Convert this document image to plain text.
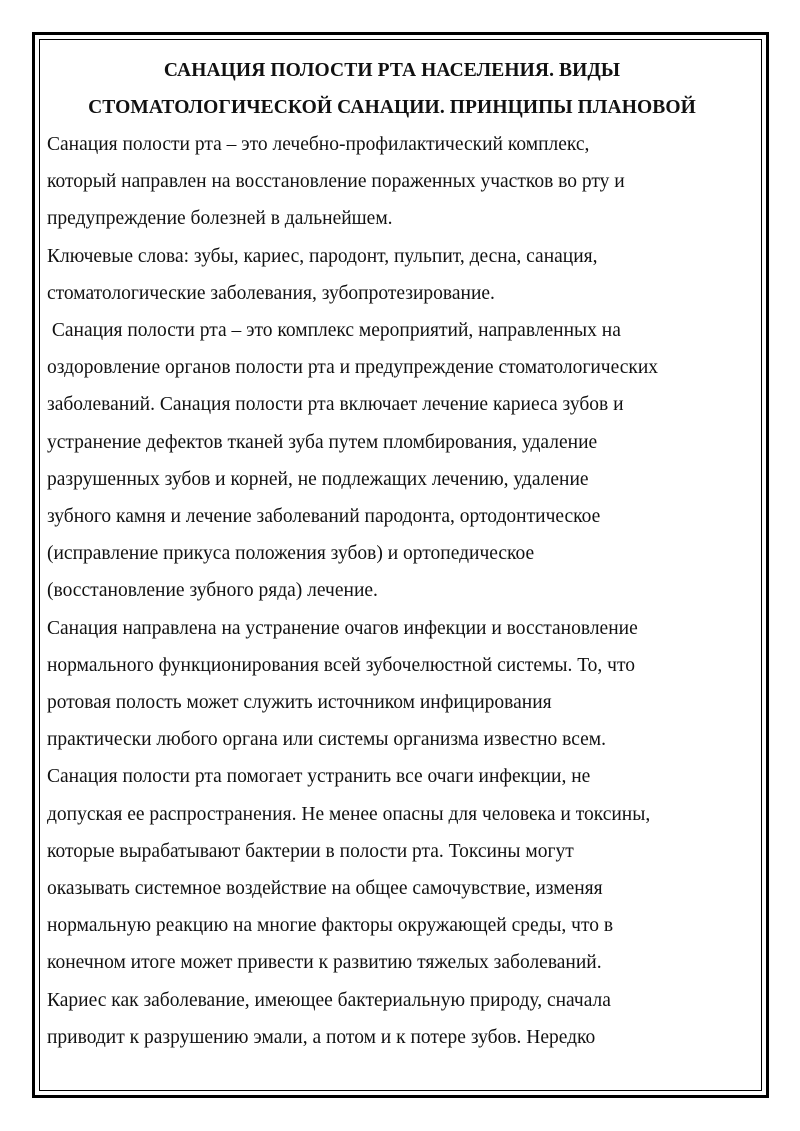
САНАЦИЯ ПОЛОСТИ РТА НАСЕЛЕНИЯ. ВИДЫ
СТОМАТОЛОГИЧЕСКОЙ САНАЦИИ. ПРИНЦИПЫ ПЛАНОВОЙ

Санация полости рта – это лечебно-профилактический комплекс,
который направлен на восстановление пораженных участков во рту и
предупреждение болезней в дальнейшем.
Ключевые слова: зубы, кариес, пародонт, пульпит, десна, санация,
стоматологические заболевания, зубопротезирование.
Санация полости рта – это комплекс мероприятий, направленных на
оздоровление органов полости рта и предупреждение стоматологических
заболеваний. Санация полости рта включает лечение кариеса зубов и
устранение дефектов тканей зуба путем пломбирования, удаление
разрушенных зубов и корней, не подлежащих лечению, удаление
зубного камня и лечение заболеваний пародонта, ортодонтическое
(исправление прикуса положения зубов) и ортопедическое
(восстановление зубного ряда) лечение.
Санация направлена на устранение очагов инфекции и восстановление
нормального функционирования всей зубочелюстной системы. То, что
ротовая полость может служить источником инфицирования
практически любого органа или системы организма известно всем.
Санация полости рта помогает устранить все очаги инфекции, не
допуская ее распространения. Не менее опасны для человека и токсины,
которые вырабатывают бактерии в полости рта. Токсины могут
оказывать системное воздействие на общее самочувствие, изменяя
нормальную реакцию на многие факторы окружающей среды, что в
конечном итоге может привести к развитию тяжелых заболеваний.
Кариес как заболевание, имеющее бактериальную природу, сначала
приводит к разрушению эмали, а потом и к потере зубов. Нередко
